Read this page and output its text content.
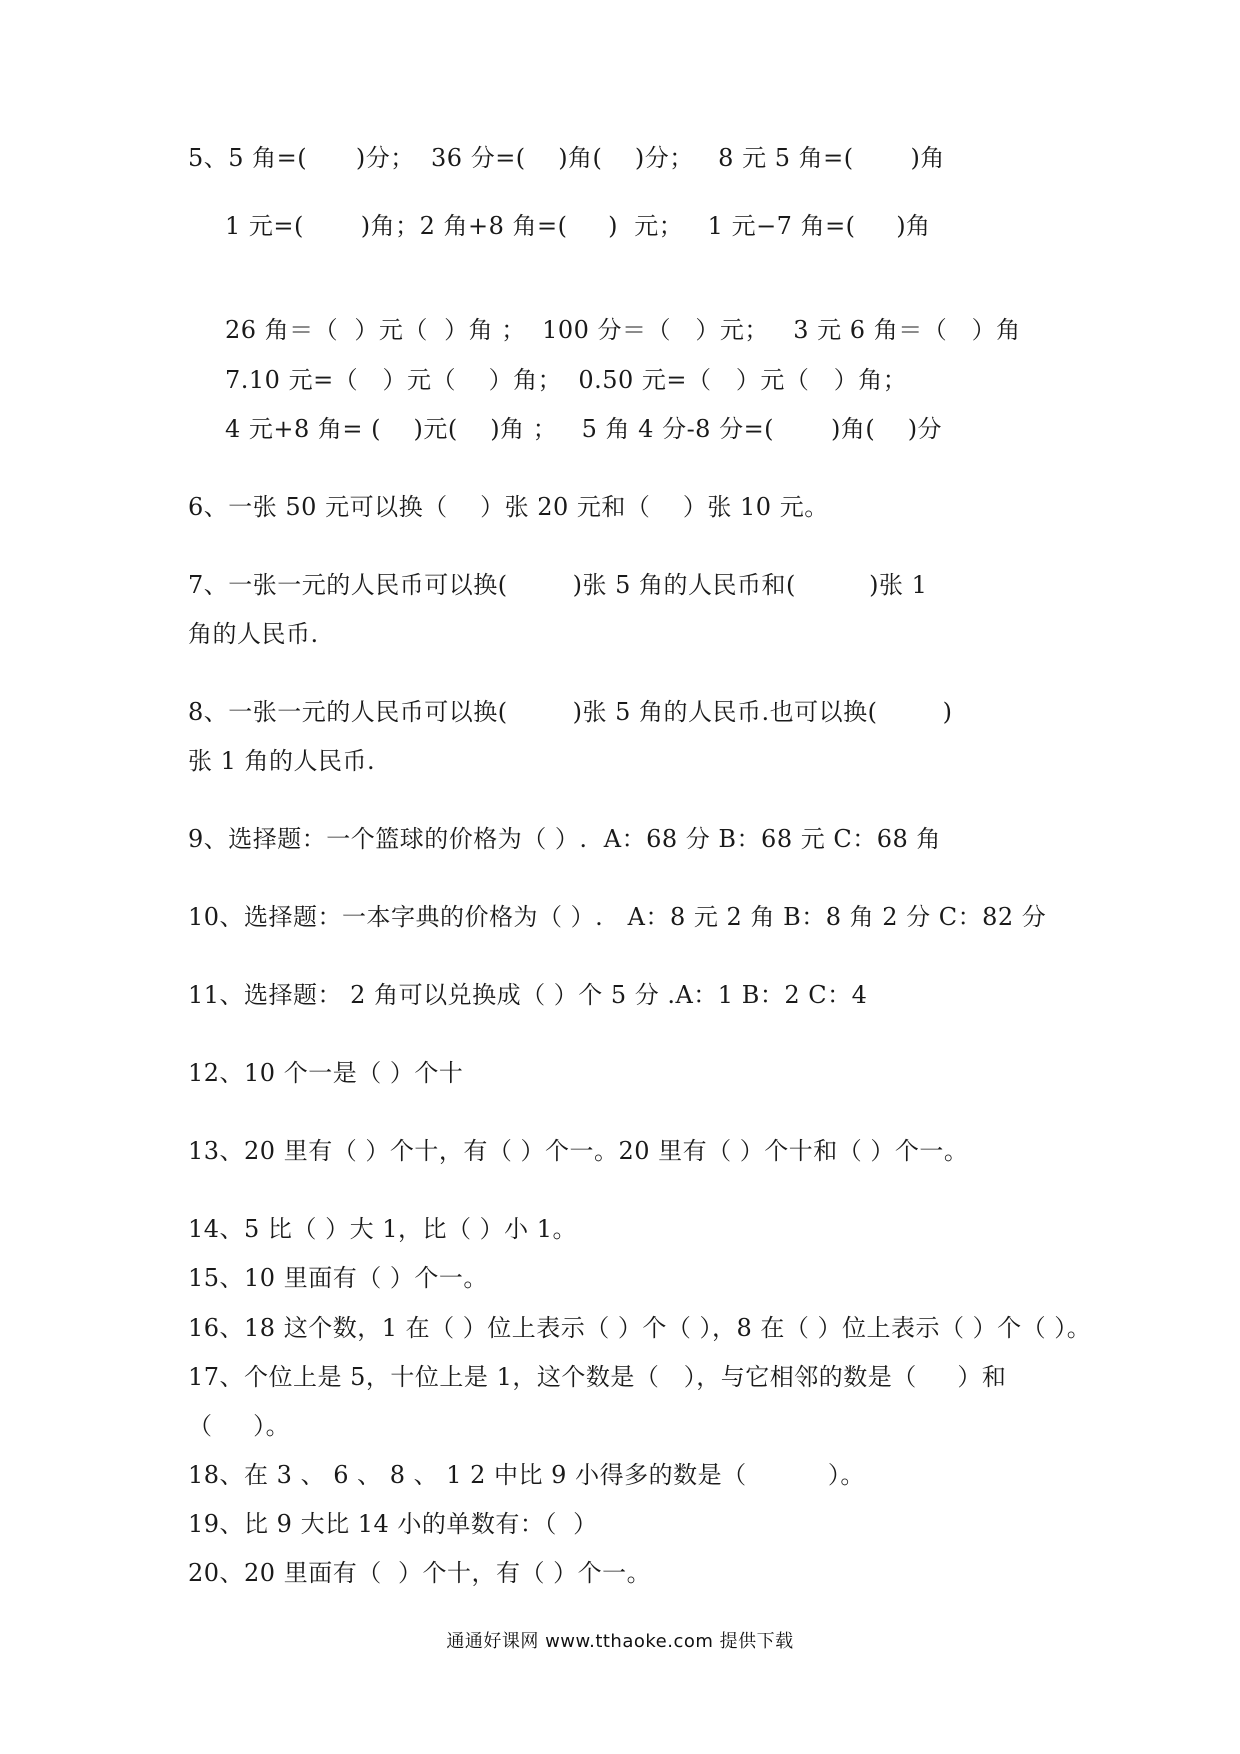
5、5 角=(      )分；  36 分=(    )角(    )分；   8 元 5 角=(       )角
1 元=(       )角；2 角+8 角=(     )  元；   1 元−7 角=(     )角
26 角＝（  ）元（  ）角 ；  100 分＝（   ）元；   3 元 6 角＝（   ）角
7.10 元=（   ）元（    ）角；  0.50 元=（   ）元（   ）角；
4 元+8 角= (    )元(    )角 ；   5 角 4 分-8 分=(       )角(    )分
6、一张 50 元可以换（    ）张 20 元和（    ）张 10 元。
7、一张一元的人民币可以换(        )张 5 角的人民币和(         )张 1
角的人民币.
8、一张一元的人民币可以换(        )张 5 角的人民币.也可以换(        )
张 1 角的人民币.
9、选择题：一个篮球的价格为（ ）.  A：68 分 B：68 元 C：68 角
10、选择题：一本字典的价格为（ ）.   A：8 元 2 角 B：8 角 2 分 C：82 分
11、选择题： 2 角可以兑换成（ ）个 5 分 .A：1 B：2 C：4
12、10 个一是（ ）个十
13、20 里有（ ）个十，有（ ）个一。20 里有（ ）个十和（ ）个一。
14、5 比（ ）大 1，比（ ）小 1。
15、10 里面有（ ）个一。
16、18 这个数，1 在（ ）位上表示（ ）个（ ），8 在（ ）位上表示（ ）个（ ）。
17、个位上是 5，十位上是 1，这个数是（   ），与它相邻的数是（     ）和
（     ）。
18、在 3 、 6 、 8 、 1 2 中比 9 小得多的数是（          ）。
19、比 9 大比 14 小的单数有：（  ）
20、20 里面有（  ）个十，有（ ）个一。
通通好课网 www.tthaoke.com 提供下载
